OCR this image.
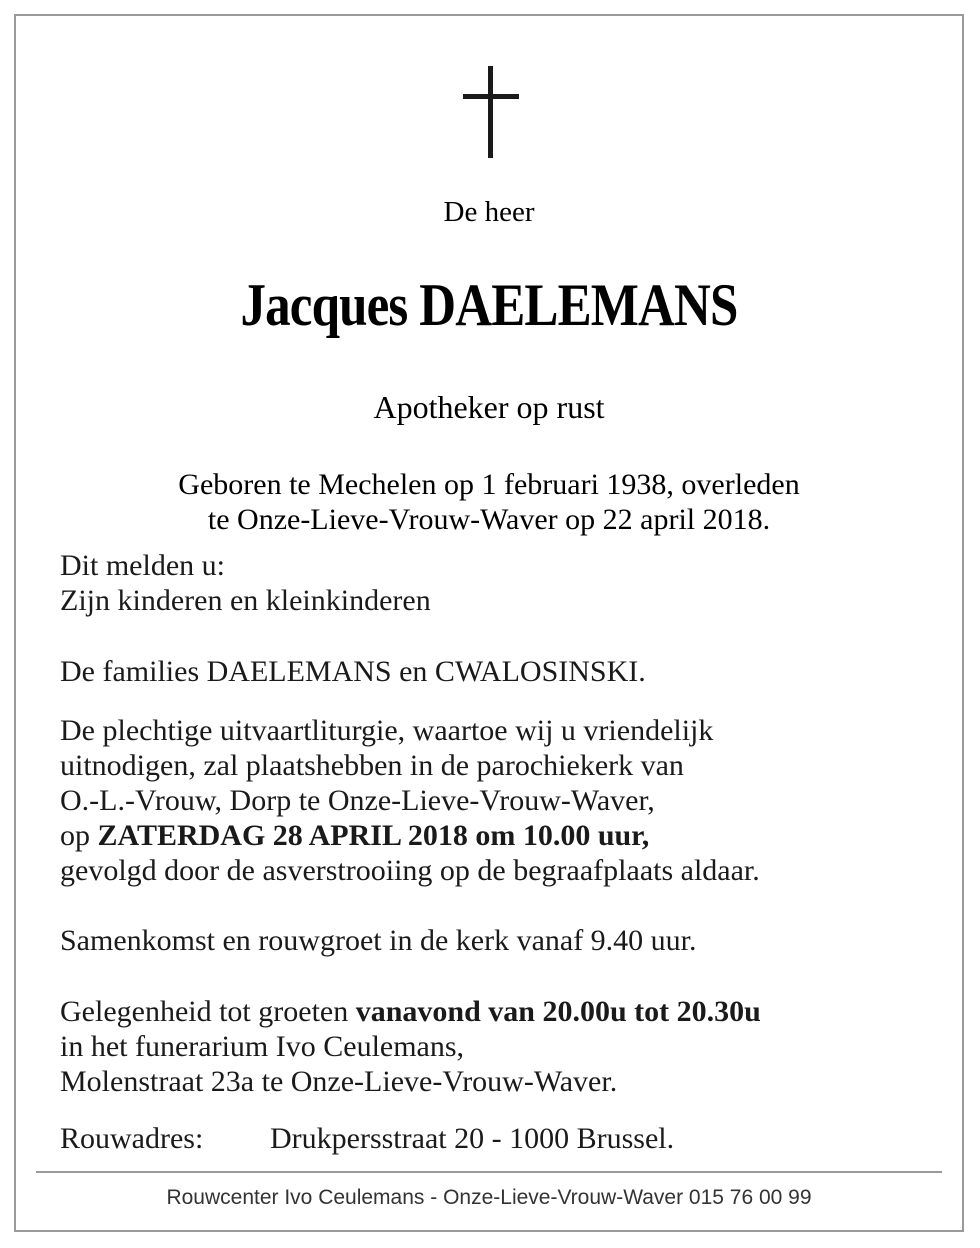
De heer
Jacques DAELEMANS
Apotheker op rust
Geboren te Mechelen op 1 februari 1938, overleden
te Onze-Lieve-Vrouw-Waver op 22 april 2018.
Dit melden u:
Zijn kinderen en kleinkinderen
De families DAELEMANS en CWALOSINSKI.
De plechtige uitvaartliturgie, waartoe wij u vriendelijk
uitnodigen, zal plaatshebben in de parochiekerk van
O.-L.-Vrouw, Dorp te Onze-Lieve-Vrouw-Waver,
op ZATERDAG 28 APRIL 2018 om 10.00 uur,
gevolgd door de asverstrooiing op de begraafplaats aldaar.
Samenkomst en rouwgroet in de kerk vanaf 9.40 uur.
Gelegenheid tot groeten vanavond van 20.00u tot 20.30u
in het funerarium Ivo Ceulemans,
Molenstraat 23a te Onze-Lieve-Vrouw-Waver.
Rouwadres: Drukpersstraat 20 - 1000 Brussel.
Rouwcenter Ivo Ceulemans - Onze-Lieve-Vrouw-Waver 015 76 00 99
